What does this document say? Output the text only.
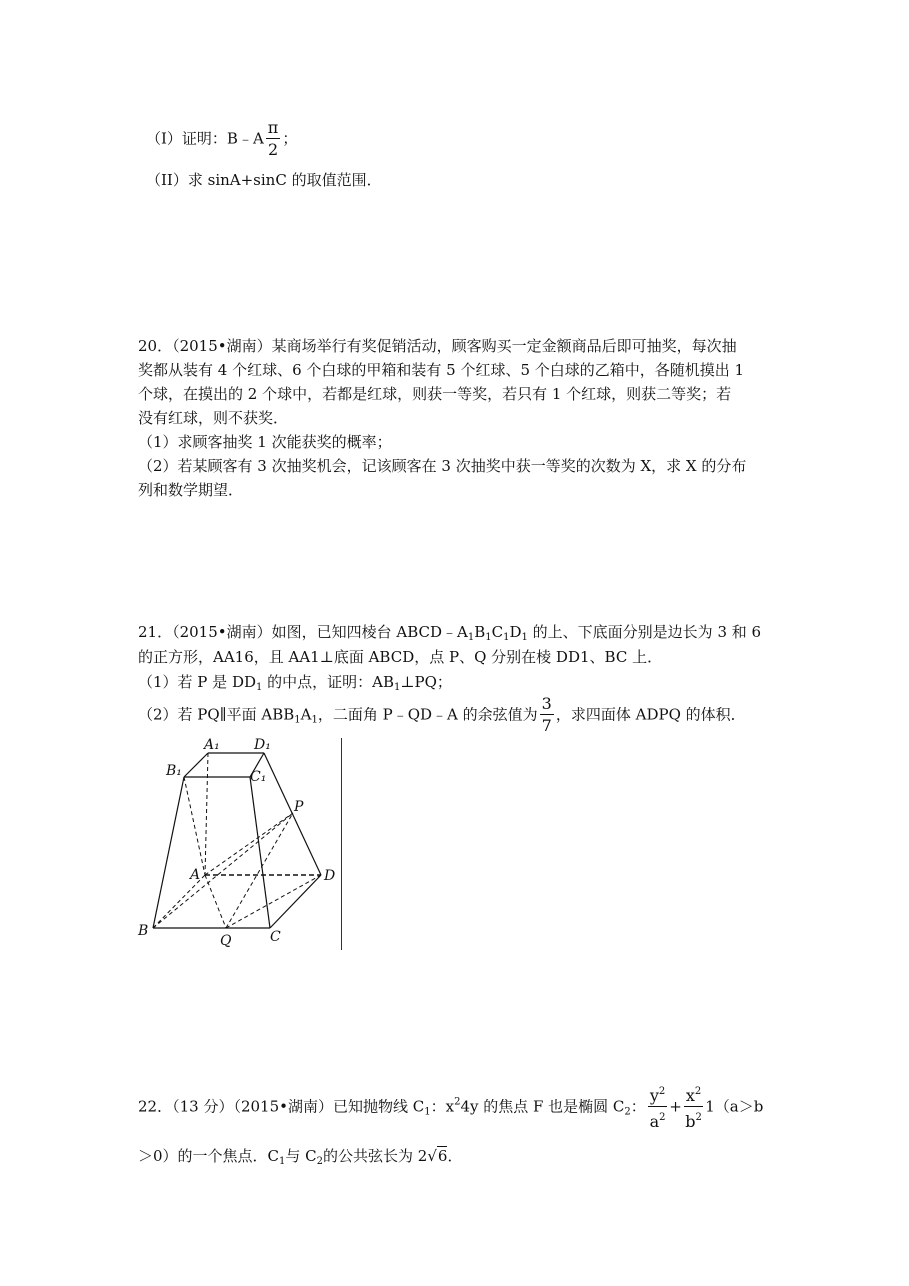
（I）证明：B﹣A $\frac{\pi}{2}$ ；
（II）求 sinA+sinC 的取值范围．
20．（2015•湖南）某商场举行有奖促销活动，顾客购买一定金额商品后即可抽奖，每次抽
奖都从装有 4 个红球、6 个白球的甲箱和装有 5 个红球、5 个白球的乙箱中，各随机摸出 1
个球，在摸出的 2 个球中，若都是红球，则获一等奖，若只有 1 个红球，则获二等奖；若
没有红球，则不获奖．
（1）求顾客抽奖 1 次能获奖的概率；
（2）若某顾客有 3 次抽奖机会，记该顾客在 3 次抽奖中获一等奖的次数为 X，求 X 的分布
列和数学期望．
21．（2015•湖南）如图，已知四棱台 $ABCD﹣A_1B_1C_1D_1$ 的上、下底面分别是边长为 3 和 6
的正方形，AA16，且 AA1⊥底面 ABCD，点 P、Q 分别在棱 DD1、BC 上．
（1）若 P 是 $DD_1$ 的中点，证明：$AB_1\perp PQ$；
（2）若 PQ∥平面 $ABB_1A_1$，二面角 P﹣QD﹣A 的余弦值为 $\frac{3}{7}$ ，求四面体 ADPQ 的体积．
A₁ D₁
B₁	C₁
P
A	D
B
Q	C
22．（13 分）（2015•湖南）已知抛物线 $C_1$：$x^24y$ 的焦点 F 也是椭圆 $C_2$： $\frac{y^2}{a^2} + \frac{x^2}{b^2} 1(a>b$
＞0）的一个焦点．$C_1$与 $C_2$的公共弦长为 2√6．
